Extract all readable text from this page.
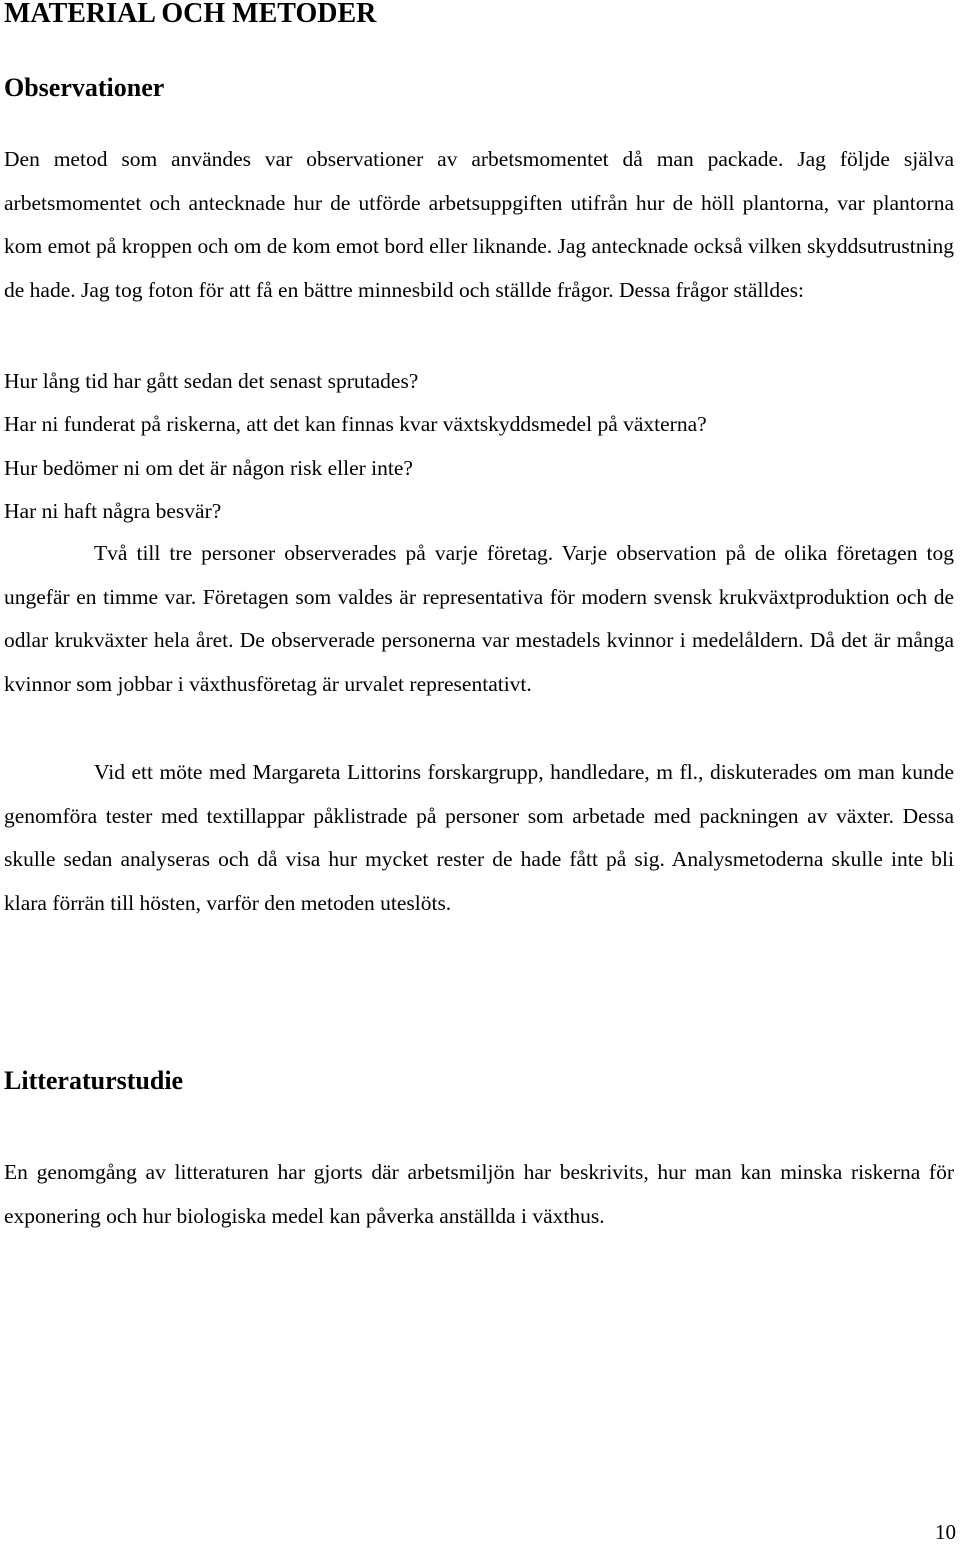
MATERIAL OCH METODER
Observationer

Den metod som användes var observationer av arbetsmomentet då man packade. Jag följde själva arbetsmomentet och antecknade hur de utförde arbetsuppgiften utifrån hur de höll plantorna, var plantorna kom emot på kroppen och om de kom emot bord eller liknande. Jag antecknade också vilken skyddsutrustning de hade. Jag tog foton för att få en bättre minnesbild och ställde frågor. Dessa frågor ställdes:

Hur lång tid har gått sedan det senast sprutades?

Har ni funderat på riskerna, att det kan finnas kvar växtskyddsmedel på växterna?

Hur bedömer ni om det är någon risk eller inte?

Har ni haft några besvär?

Två till tre personer observerades på varje företag. Varje observation på de olika företagen tog ungefär en timme var. Företagen som valdes är representativa för modern svensk krukväxtproduktion och de odlar krukväxter hela året. De observerade personerna var mestadels kvinnor i medelåldern. Då det är många kvinnor som jobbar i växthusföretag är urvalet representativt.

Vid ett möte med Margareta Littorins forskargrupp, handledare, m fl., diskuterades om man kunde genomföra tester med textillappar påklistrade på personer som arbetade med packningen av växter. Dessa skulle sedan analyseras och då visa hur mycket rester de hade fått på sig. Analysmetoderna skulle inte bli klara förrän till hösten, varför den metoden uteslöts.

Litteraturstudie

En genomgång av litteraturen har gjorts där arbetsmiljön har beskrivits, hur man kan minska riskerna för exponering och hur biologiska medel kan påverka anställda i växthus.

10
